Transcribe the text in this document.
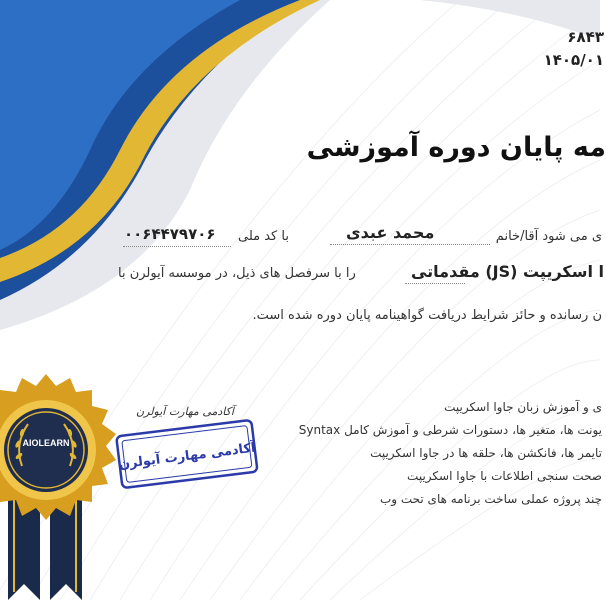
۶۸۴۳
۱۴۰۵/۰۱
مه پایان دوره آموزشی
ی می شود آقا/خانم
محمد عبدی
با کد ملی
۰۰۶۴۴۷۹۷۰۶
ا اسکریپت (JS) مقدماتی
را با سرفصل های ذیل، در موسسه آیولرن با
ن رسانده و حائز شرایط دریافت گواهینامه پایان دوره شده است.
ی و آموزش زبان جاوا اسکریپت
یونت ها، متغیر ها، دستورات شرطی و آموزش کامل Syntax
تایمر ها، فانکشن ها، حلقه ها در جاوا اسکریپت
صحت سنجی اطلاعات با جاوا اسکریپت
چند پروژه عملی ساخت برنامه های تحت وب
AIOLEARN
آکادمی مهارت آیولرن
آکادمی مهارت آیولرن
